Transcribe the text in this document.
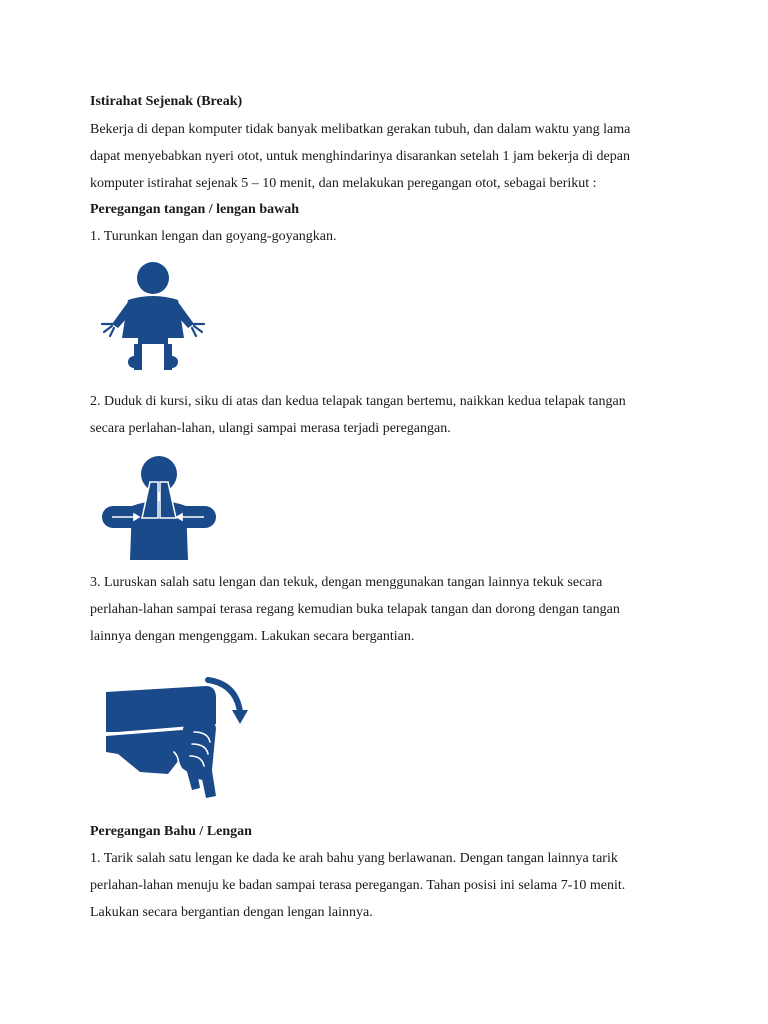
Istirahat Sejenak (Break)
Bekerja di depan komputer tidak banyak melibatkan gerakan tubuh, dan dalam waktu yang lama
dapat menyebabkan nyeri otot, untuk menghindarinya disarankan setelah 1 jam bekerja di depan
komputer istirahat sejenak 5 – 10 menit, dan melakukan peregangan otot, sebagai berikut :
Peregangan tangan / lengan bawah
1. Turunkan lengan dan goyang-goyangkan.
2. Duduk di kursi, siku di atas dan kedua telapak tangan bertemu, naikkan kedua telapak tangan
secara perlahan-lahan, ulangi sampai merasa terjadi peregangan.
3. Luruskan salah satu lengan dan tekuk, dengan menggunakan tangan lainnya tekuk secara
perlahan-lahan sampai terasa regang kemudian buka telapak tangan dan dorong dengan tangan
lainnya dengan mengenggam. Lakukan secara bergantian.
Peregangan Bahu / Lengan
1. Tarik salah satu lengan ke dada ke arah bahu yang berlawanan. Dengan tangan lainnya tarik
perlahan-lahan menuju ke badan sampai terasa peregangan. Tahan posisi ini selama 7-10 menit.
Lakukan secara bergantian dengan lengan lainnya.
